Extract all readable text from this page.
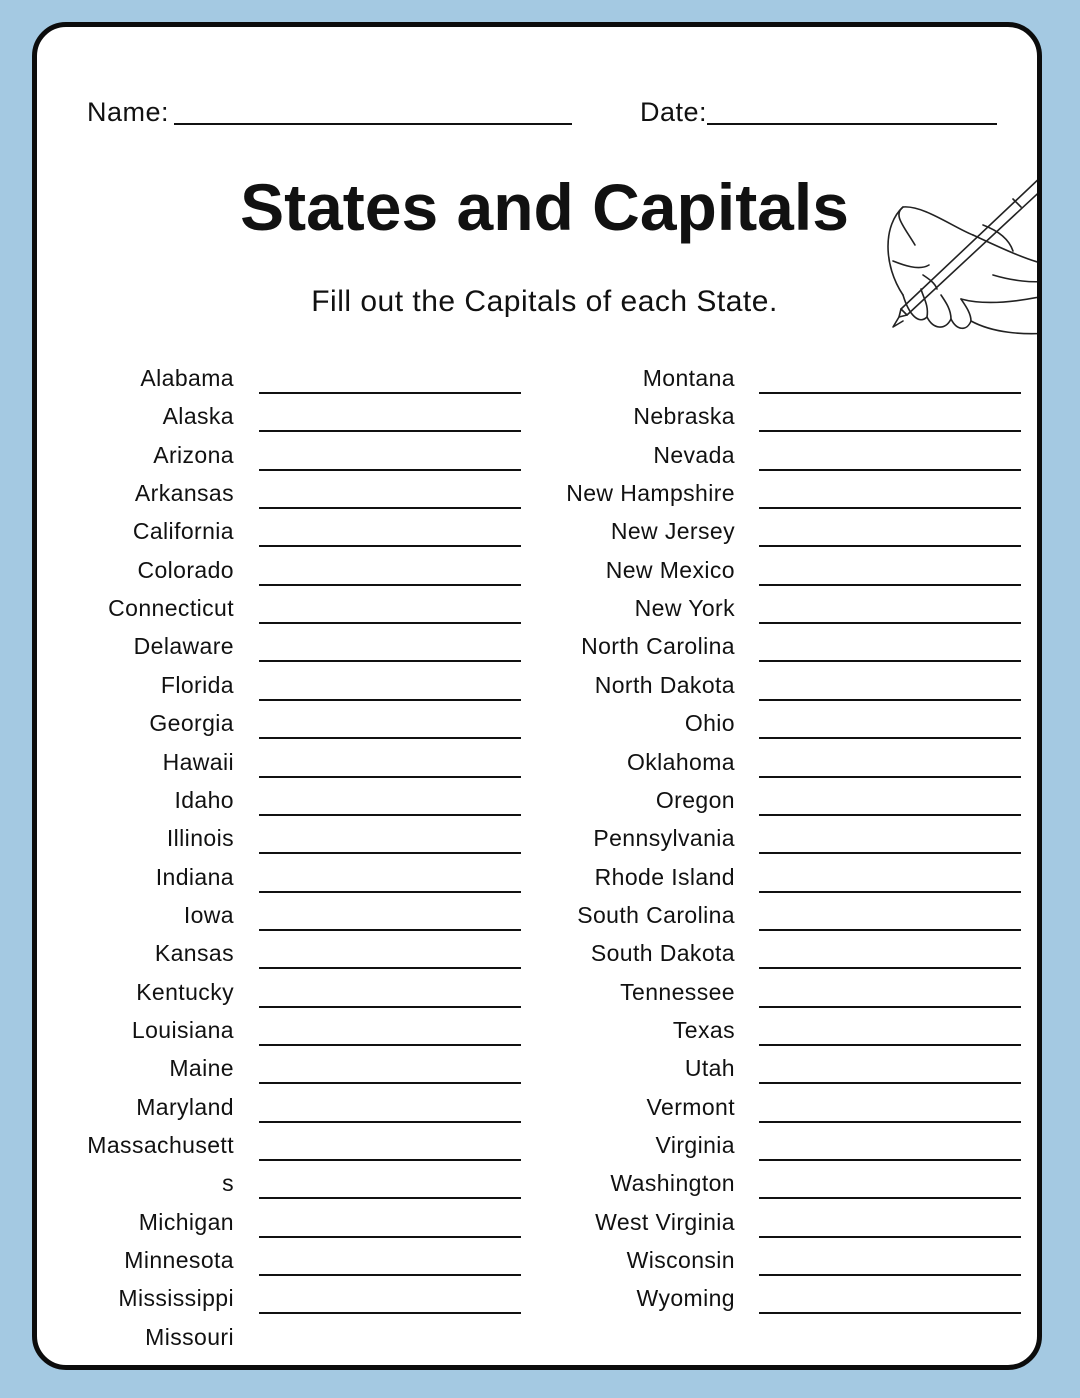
Name:	Date:
States and Capitals
Fill out the Capitals of each State.
Alabama
Alaska
Arizona
Arkansas
California
Colorado
Connecticut
Delaware
Florida
Georgia
Hawaii
Idaho
Illinois
Indiana
Iowa
Kansas
Kentucky
Louisiana
Maine
Maryland
Massachusett
s
Michigan
Minnesota
Mississippi
Missouri
Montana
Nebraska
Nevada
New Hampshire
New Jersey
New Mexico
New York
North Carolina
North Dakota
Ohio
Oklahoma
Oregon
Pennsylvania
Rhode Island
South Carolina
South Dakota
Tennessee
Texas
Utah
Vermont
Virginia
Washington
West Virginia
Wisconsin
Wyoming
